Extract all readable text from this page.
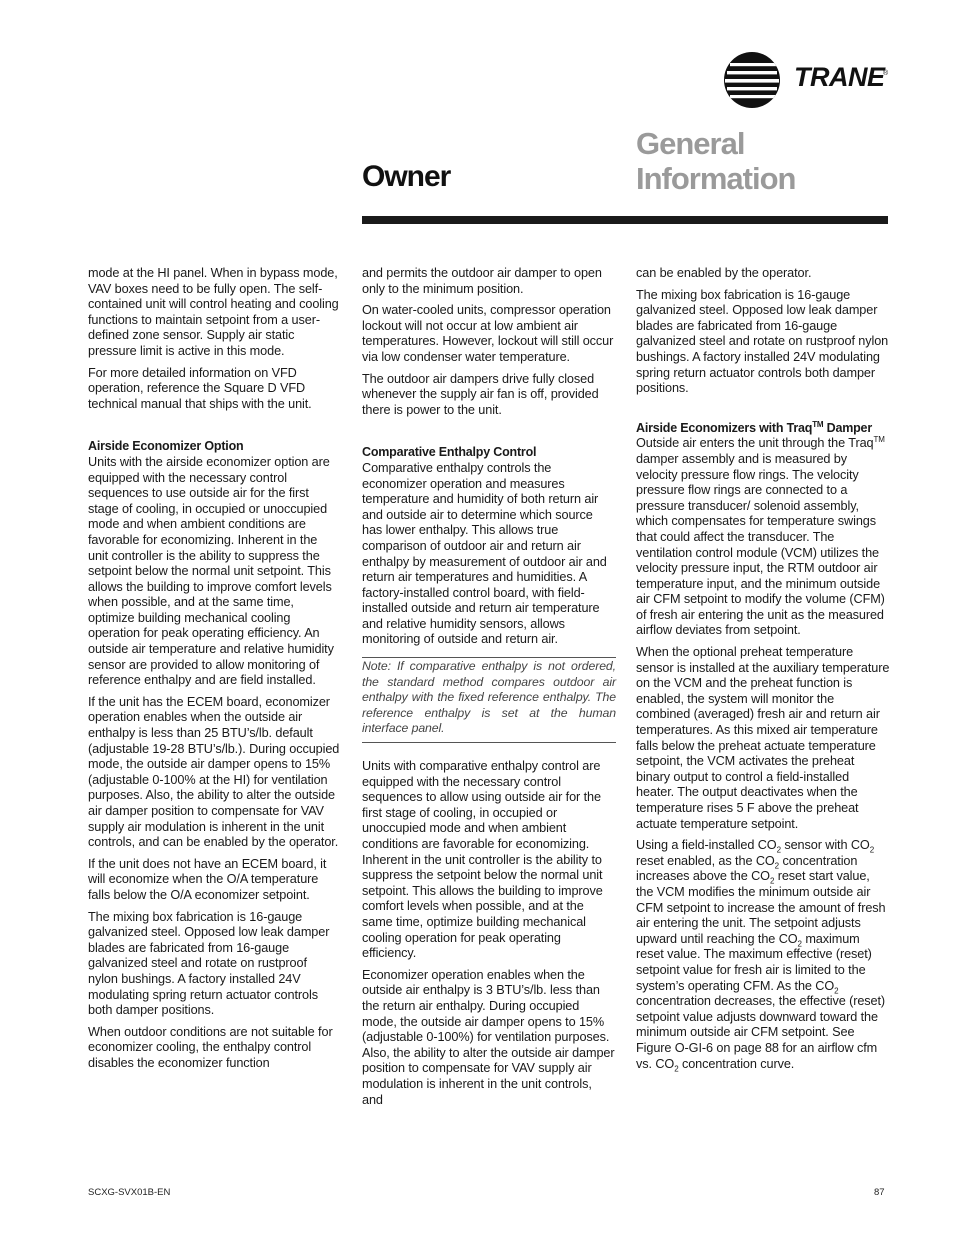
TRANE
®
Owner
General
Information

mode at the HI panel. When in bypass mode, VAV boxes need to be fully open. The self-contained unit will control heating and cooling functions to maintain setpoint from a user-defined zone sensor. Supply air static pressure limit is active in this mode.

For more detailed information on VFD operation, reference the Square D VFD technical manual that ships with the unit.

Airside Economizer Option

Units with the airside economizer option are equipped with the necessary control sequences to use outside air for the first stage of cooling, in occupied or unoccupied mode and when ambient conditions are favorable for economizing. Inherent in the unit controller is the ability to suppress the setpoint below the normal unit setpoint. This allows the building to improve comfort levels when possible, and at the same time, optimize building mechanical cooling operation for peak operating efficiency. An outside air temperature and relative humidity sensor are provided to allow monitoring of reference enthalpy and are field installed.

If the unit has the ECEM board, economizer operation enables when the outside air enthalpy is less than 25 BTU’s/lb. default (adjustable 19-28 BTU’s/lb.). During occupied mode, the outside air damper opens to 15% (adjustable 0-100% at the HI) for ventilation purposes. Also, the ability to alter the outside air damper position to compensate for VAV supply air modulation is inherent in the unit controls, and can be enabled by the operator.

If the unit does not have an ECEM board, it will economize when the O/A temperature falls below the O/A economizer setpoint.

The mixing box fabrication is 16-gauge galvanized steel. Opposed low leak damper blades are fabricated from 16-gauge galvanized steel and rotate on rustproof nylon bushings. A factory installed 24V modulating spring return actuator controls both damper positions.

When outdoor conditions are not suitable for economizer cooling, the enthalpy control disables the economizer function

and permits the outdoor air damper to open only to the minimum position.

On water-cooled units, compressor operation lockout will not occur at low ambient air temperatures. However, lockout will still occur via low condenser water temperature.

The outdoor air dampers drive fully closed whenever the supply air fan is off, provided there is power to the unit.

Comparative Enthalpy Control

Comparative enthalpy controls the economizer operation and measures temperature and humidity of both return air and outside air to determine which source has lower enthalpy. This allows true comparison of outdoor air and return air enthalpy by measurement of outdoor air and return air temperatures and humidities. A factory-installed control board, with field-installed outside and return air temperature and relative humidity sensors, allows monitoring of outside and return air.

Note: If comparative enthalpy is not ordered, the standard method compares outdoor air enthalpy with the fixed reference enthalpy. The reference enthalpy is set at the human interface panel.

Units with comparative enthalpy control are equipped with the necessary control sequences to allow using outside air for the first stage of cooling, in occupied or unoccupied mode and when ambient conditions are favorable for economizing. Inherent in the unit controller is the ability to suppress the setpoint below the normal unit setpoint. This allows the building to improve comfort levels when possible, and at the same time, optimize building mechanical cooling operation for peak operating efficiency.

Economizer operation enables when the outside air enthalpy is 3 BTU’s/lb. less than the return air enthalpy. During occupied mode, the outside air damper opens to 15% (adjustable 0-100%) for ventilation purposes. Also, the ability to alter the outside air damper position to compensate for VAV supply air modulation is inherent in the unit controls, and

can be enabled by the operator.

The mixing box fabrication is 16-gauge galvanized steel. Opposed low leak damper blades are fabricated from 16-gauge galvanized steel and rotate on rustproof nylon bushings. A factory installed 24V modulating spring return actuator controls both damper positions.

Airside Economizers with Traq™ Damper

Outside air enters the unit through the Traq™ damper assembly and is measured by velocity pressure flow rings. The velocity pressure flow rings are connected to a pressure transducer/ solenoid assembly, which compensates for temperature swings that could affect the transducer. The ventilation control module (VCM) utilizes the velocity pressure input, the RTM outdoor air temperature input, and the minimum outside air CFM setpoint to modify the volume (CFM) of fresh air entering the unit as the measured airflow deviates from setpoint.

When the optional preheat temperature sensor is installed at the auxiliary temperature on the VCM and the preheat function is enabled, the system will monitor the combined (averaged) fresh air and return air temperatures. As this mixed air temperature falls below the preheat actuate temperature setpoint, the VCM activates the preheat binary output to control a field-installed heater. The output deactivates when the temperature rises 5 F above the preheat actuate temperature setpoint.

Using a field-installed $CO_2$ sensor with $CO_2$ reset enabled, as the $CO_2$ concentration increases above the $CO_2$ reset start value, the VCM modifies the minimum outside air CFM setpoint to increase the amount of fresh air entering the unit. The setpoint adjusts upward until reaching the $CO_2$ maximum reset value. The maximum effective (reset) setpoint value for fresh air is limited to the system’s operating CFM. As the $CO_2$ concentration decreases, the effective (reset) setpoint value adjusts downward toward the minimum outside air CFM setpoint. See Figure O-GI-6 on page 88 for an airflow cfm vs. $CO_2$ concentration curve.

SCXG-SVX01B-EN	87
